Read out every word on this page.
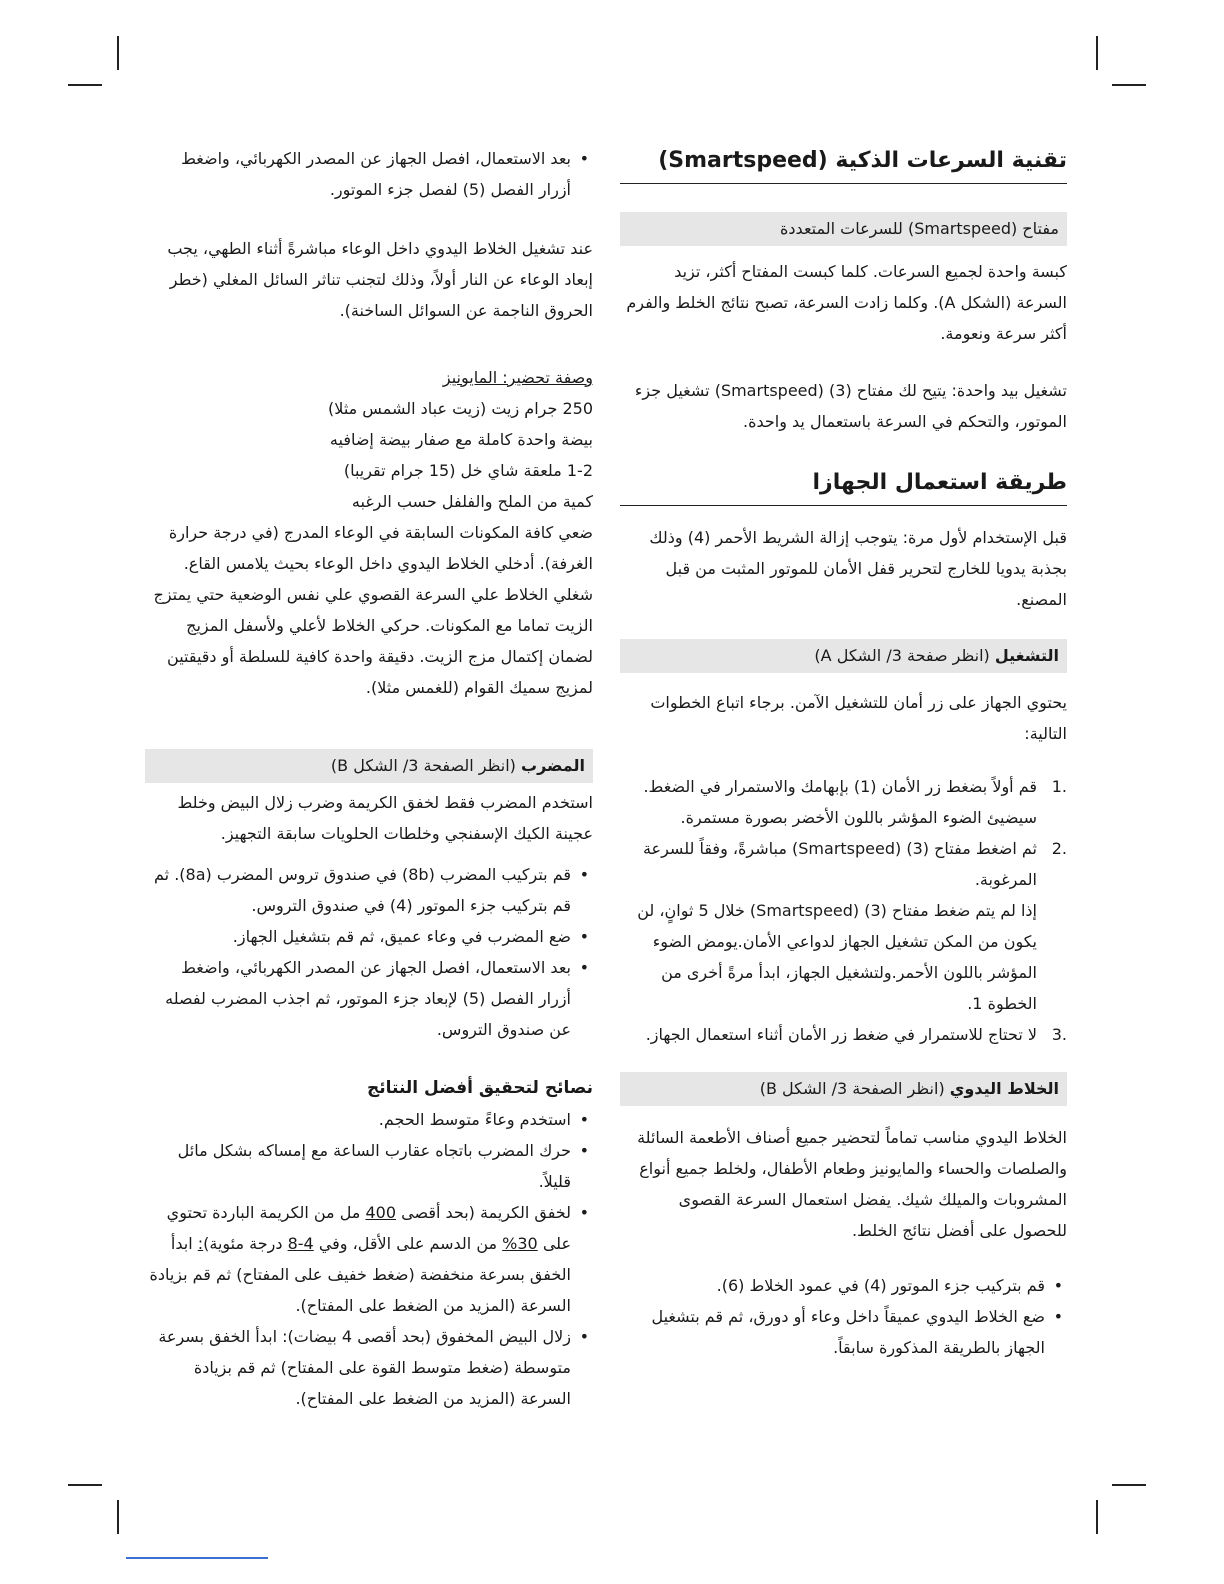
تقنية السرعات الذكية (Smartspeed)
مفتاح (Smartspeed) للسرعات المتعددة

كبسة واحدة لجميع السرعات. كلما كبست المفتاح أكثر، تزيد السرعة (الشكل A). وكلما زادت السرعة، تصبح نتائج الخلط والفرم أكثر سرعة ونعومة.

تشغيل بيد واحدة: يتيح لك مفتاح (3) (Smartspeed) تشغيل جزء الموتور، والتحكم في السرعة باستعمال يد واحدة.

طريقة استعمال الجهازا

قبل الإستخدام لأول مرة: يتوجب إزالة الشريط الأحمر (4) وذلك بجذبة يدويا للخارج لتحرير قفل الأمان للموتور المثبت من قبل المصنع.

التشغيل (انظر صفحة 3/ الشكل A)

يحتوي الجهاز على زر أمان للتشغيل الآمن. برجاء اتباع الخطوات التالية:

1.
قم أولاً بضغط زر الأمان (1) بإبهامك والاستمرار في الضغط. سيضيئ الضوء المؤشر باللون الأخضر بصورة مستمرة.
2.
ثم اضغط مفتاح (3) (Smartspeed) مباشرةً، وفقاً للسرعة المرغوبة.
إذا لم يتم ضغط مفتاح (3) (Smartspeed) خلال 5 ثوانٍ، لن يكون من المكن تشغيل الجهاز لدواعي الأمان.يومض الضوء المؤشر باللون الأحمر.ولتشغيل الجهاز، ابدأ مرةً أخرى من الخطوة 1.
3.
لا تحتاج للاستمرار في ضغط زر الأمان أثناء استعمال الجهاز.
الخلاط اليدوي (انظر الصفحة 3/ الشكل B)

الخلاط اليدوي مناسب تماماً لتحضير جميع أصناف الأطعمة السائلة والصلصات والحساء والمايونيز وطعام الأطفال، ولخلط جميع أنواع المشروبات والميلك شيك. يفضل استعمال السرعة القصوى للحصول على أفضل نتائج الخلط.

• قم بتركيب جزء الموتور (4) في عمود الخلاط (6).
• ضع الخلاط اليدوي عميقاً داخل وعاء أو دورق، ثم قم بتشغيل الجهاز بالطريقة المذكورة سابقاً.
• بعد الاستعمال، افصل الجهاز عن المصدر الكهربائي، واضغط أزرار الفصل (5) لفصل جزء الموتور.

عند تشغيل الخلاط اليدوي داخل الوعاء مباشرةً أثناء الطهي، يجب إبعاد الوعاء عن النار أولاً، وذلك لتجنب تناثر السائل المغلي (خطر الحروق الناجمة عن السوائل الساخنة).

وصفة تحضير: المايونيز

250 جرام زيت (زيت عباد الشمس مثلا)

بيضة واحدة كاملة مع صفار بيضة إضافيه

1-2 ملعقة شاي خل (15 جرام تقريبا)

كمية من الملح والفلفل حسب الرغبه

ضعي كافة المكونات السابقة في الوعاء المدرج (في درجة حرارة الغرفة). أدخلي الخلاط اليدوي داخل الوعاء بحيث يلامس القاع. شغلي الخلاط علي السرعة القصوي علي نفس الوضعية حتي يمتزج الزيت تماما مع المكونات. حركي الخلاط لأعلي ولأسفل المزيج لضمان إكتمال مزج الزيت. دقيقة واحدة كافية للسلطة أو دقيقتين لمزيج سميك القوام (للغمس مثلا).

المضرب (انظر الصفحة 3/ الشكل B)

استخدم المضرب فقط لخفق الكريمة وضرب زلال البيض وخلط عجينة الكيك الإسفنجي وخلطات الحلويات سابقة التجهيز.

• قم بتركيب المضرب (8b) في صندوق تروس المضرب (8a). ثم قم بتركيب جزء الموتور (4) في صندوق التروس.
• ضع المضرب في وعاء عميق، ثم قم بتشغيل الجهاز.
• بعد الاستعمال، افصل الجهاز عن المصدر الكهربائي، واضغط أزرار الفصل (5) لإبعاد جزء الموتور، ثم اجذب المضرب لفصله عن صندوق التروس.

نصائح لتحقيق أفضل النتائج

• استخدم وعاءً متوسط الحجم.
• حرك المضرب باتجاه عقارب الساعة مع إمساكه بشكل مائل قليلاً.
• لخفق الكريمة (بحد أقصى 400 مل من الكريمة الباردة تحتوي على 30% من الدسم على الأقل، وفي 4-8 درجة مئوية): ابدأ الخفق بسرعة منخفضة (ضغط خفيف على المفتاح) ثم قم بزيادة السرعة (المزيد من الضغط على المفتاح).
• زلال البيض المخفوق (بحد أقصى 4 بيضات): ابدأ الخفق بسرعة متوسطة (ضغط متوسط القوة على المفتاح) ثم قم بزيادة السرعة (المزيد من الضغط على المفتاح).
